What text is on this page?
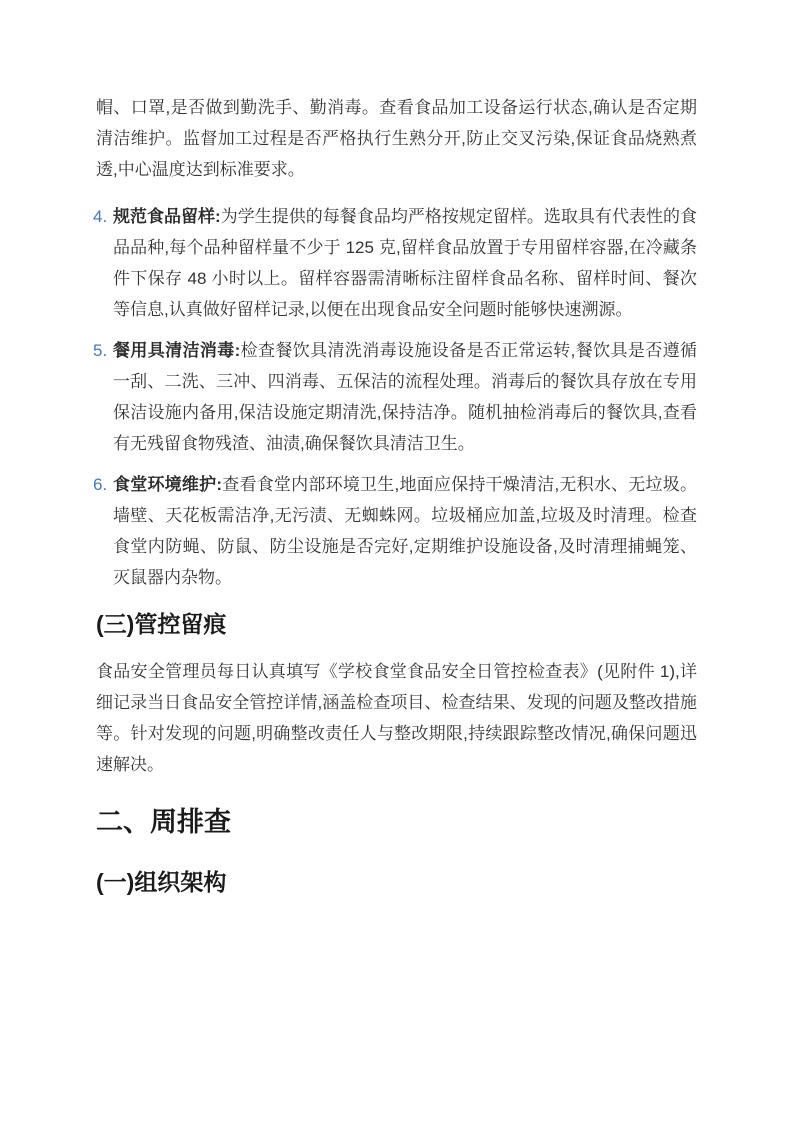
帽、口罩,是否做到勤洗手、勤消毒。查看食品加工设备运行状态,确认是否定期清洁维护。监督加工过程是否严格执行生熟分开,防止交叉污染,保证食品烧熟煮透,中心温度达到标准要求。

4. 规范食品留样:为学生提供的每餐食品均严格按规定留样。选取具有代表性的食品品种,每个品种留样量不少于 125 克,留样食品放置于专用留样容器,在冷藏条件下保存 48 小时以上。留样容器需清晰标注留样食品名称、留样时间、餐次等信息,认真做好留样记录,以便在出现食品安全问题时能够快速溯源。
5. 餐用具清洁消毒:检查餐饮具清洗消毒设施设备是否正常运转,餐饮具是否遵循一刮、二洗、三冲、四消毒、五保洁的流程处理。消毒后的餐饮具存放在专用保洁设施内备用,保洁设施定期清洗,保持洁净。随机抽检消毒后的餐饮具,查看有无残留食物残渣、油渍,确保餐饮具清洁卫生。
6. 食堂环境维护:查看食堂内部环境卫生,地面应保持干燥清洁,无积水、无垃圾。墙壁、天花板需洁净,无污渍、无蜘蛛网。垃圾桶应加盖,垃圾及时清理。检查食堂内防蝇、防鼠、防尘设施是否完好,定期维护设施设备,及时清理捕蝇笼、灭鼠器内杂物。
(三)管控留痕

食品安全管理员每日认真填写《学校食堂食品安全日管控检查表》(见附件 1),详细记录当日食品安全管控详情,涵盖检查项目、检查结果、发现的问题及整改措施等。针对发现的问题,明确整改责任人与整改期限,持续跟踪整改情况,确保问题迅速解决。

二、周排查
(一)组织架构
